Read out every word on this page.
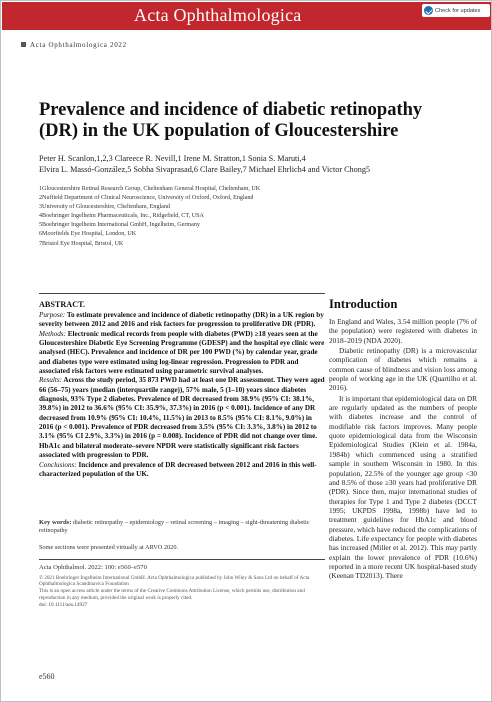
Acta Ophthalmologica	Check for updates
Acta Ophthalmologica 2022
Prevalence and incidence of diabetic retinopathy (DR) in the UK population of Gloucestershire
Peter H. Scanlon,1,2,3 Clareece R. Nevill,1 Irene M. Stratton,1 Sonia S. Maruti,4
Elvira L. Massó-González,5 Sobha Sivaprasad,6 Clare Bailey,7 Michael Ehrlich4 and Victor Chong5
1Gloucestershire Retinal Research Group, Cheltenham General Hospital, Cheltenham, UK
2Nuffield Department of Clinical Neuroscience, University of Oxford, Oxford, England
3University of Gloucestershire, Cheltenham, England
4Boehringer Ingelheim Pharmaceuticals, Inc., Ridgefield, CT, USA
5Boehringer Ingelheim International GmbH, Ingelheim, Germany
6Moorfields Eye Hospital, London, UK
7Bristol Eye Hospital, Bristol, UK
ABSTRACT.

Purpose: To estimate prevalence and incidence of diabetic retinopathy (DR) in a UK region by severity between 2012 and 2016 and risk factors for progression to proliferative DR (PDR).

Methods: Electronic medical records from people with diabetes (PWD) ≥18 years seen at the Gloucestershire Diabetic Eye Screening Programme (GDESP) and the hospital eye clinic were analysed (HEC). Prevalence and incidence of DR per 100 PWD (%) by calendar year, grade and diabetes type were estimated using log-linear regression. Progression to PDR and associated risk factors were estimated using parametric survival analyses.

Results: Across the study period, 35 873 PWD had at least one DR assessment. They were aged 66 (56–75) years (median (interquartile range)), 57% male, 5 (1–10) years since diabetes diagnosis, 93% Type 2 diabetes. Prevalence of DR decreased from 38.9% (95% CI: 38.1%, 39.8%) in 2012 to 36.6% (95% CI: 35.9%, 37.3%) in 2016 (p < 0.001). Incidence of any DR decreased from 10.9% (95% CI: 10.4%, 11.5%) in 2013 to 8.5% (95% CI: 8.1%, 9.0%) in 2016 (p < 0.001). Prevalence of PDR decreased from 3.5% (95% CI: 3.3%, 3.8%) in 2012 to 3.1% (95% CI 2.9%, 3.3%) in 2016 (p = 0.008). Incidence of PDR did not change over time. HbA1c and bilateral moderate–severe NPDR were statistically significant risk factors associated with progression to PDR.

Conclusions: Incidence and prevalence of DR decreased between 2012 and 2016 in this well-characterized population of the UK.

Key words: diabetic retinopathy – epidemiology – retinal screening – imaging – sight-threatening diabetic retinopathy
Some sections were presented virtually at ARVO 2020.
Acta Ophthalmol. 2022: 100: e560–e570
© 2021 Boehringer Ingelheim International GmbH. Acta Ophthalmologica published by John Wiley & Sons Ltd on behalf of Acta Ophthalmologica Scandinavica Foundation
This is an open access article under the terms of the Creative Commons Attribution License, which permits use, distribution and reproduction in any medium, provided the original work is properly cited.
doi: 10.1111/aos.14927
e560
Introduction

In England and Wales, 3.54 million people (7% of the population) were registered with diabetes in 2018–2019 (NDA 2020).

Diabetic retinopathy (DR) is a microvascular complication of diabetes which remains a common cause of blindness and vision loss among people of working age in the UK (Quartilho et al. 2016).

It is important that epidemiological data on DR are regularly updated as the numbers of people with diabetes increase and the control of modifiable risk factors improves. Many people quote epidemiological data from the Wisconsin Epidemiological Studies (Klein et al. 1984a, 1984b) which commenced using a stratified sample in southern Wisconsin in 1980. In this population, 22.5% of the younger age group <30 and 8.5% of those ≥30 years had proliferative DR (PDR). Since then, major international studies of therapies for Type 1 and Type 2 diabetes (DCCT 1995; UKPDS 1998a, 1998b) have led to treatment guidelines for HbA1c and blood pressure, which have reduced the complications of diabetes. Life expectancy for people with diabetes has increased (Miller et al. 2012). This may partly explain the lower prevalence of PDR (10.6%) reported in a more recent UK hospital-based study (Keenan TD2013). There
